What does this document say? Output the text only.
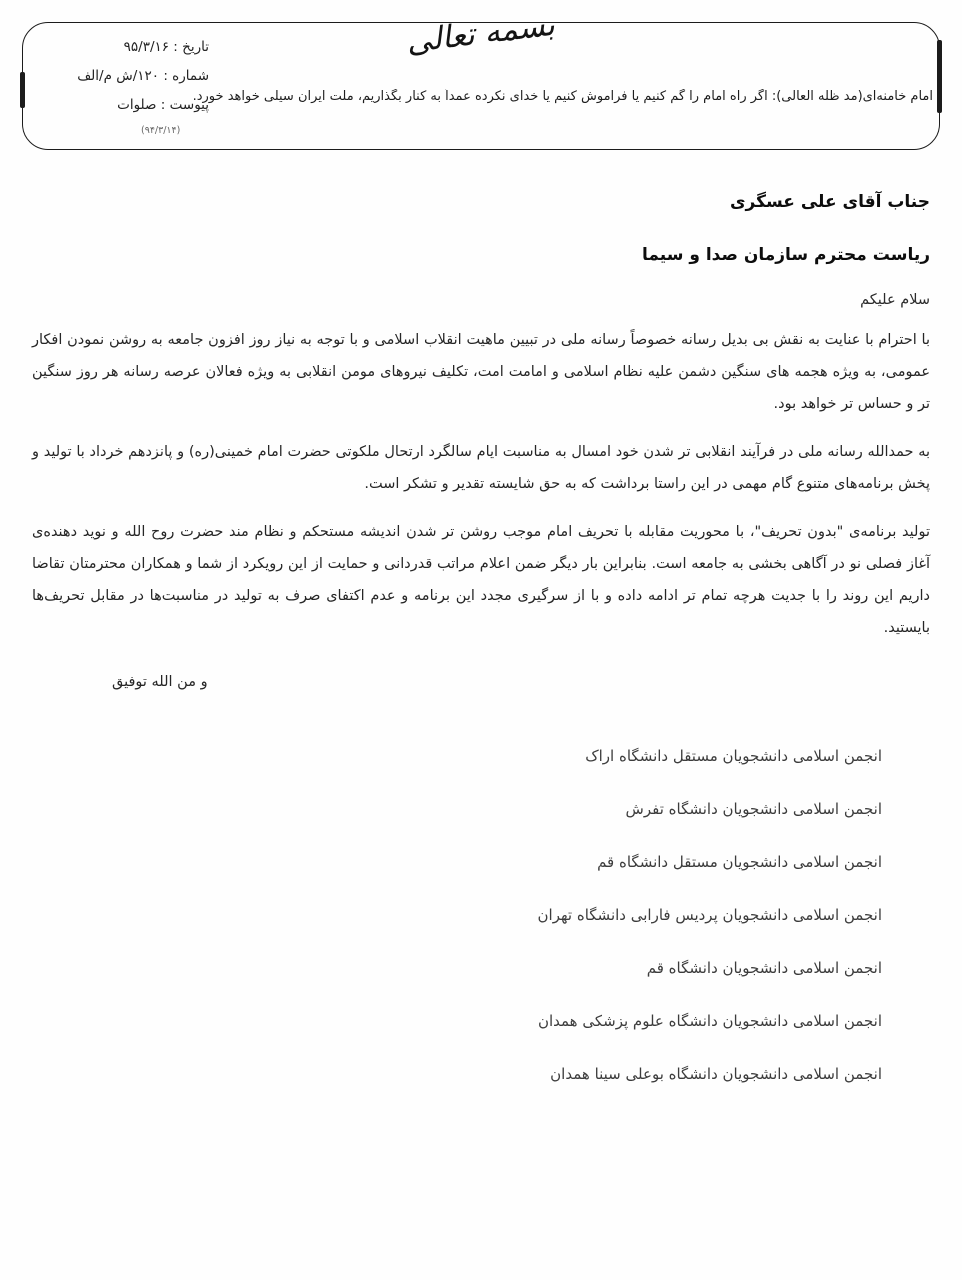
تاریخ : ۹۵/۳/۱۶
شماره : ۱۲۰/ش م/الف
پیوست : صلوات
بسمه تعالی
امام خامنه‌ای(مد ظله العالی): اگر راه امام را گم کنیم یا فراموش کنیم یا خدای نکرده عمداً به کنار بگذاریم، ملّت ایران سیلی خواهد خورد.
(۹۴/۳/۱۴)
جناب آقای علی عسگری
ریاست محترم سازمان صدا و سیما
سلام علیکم

با احترام با عنایت به نقش بی بدیل رسانه خصوصاً رسانه ملی در تبیین ماهیت انقلاب اسلامی و با توجه به نیاز روز افزون جامعه به روشن نمودن افکار عمومی، به ویژه هجمه های سنگین دشمن علیه نظام اسلامی و امامت امت، تکلیف نیروهای مومن انقلابی به ویژه فعالان عرصه رسانه هر روز سنگین تر و حساس تر خواهد بود.

به حمدالله رسانه ملی در فرآیند انقلابی تر شدن خود امسال به مناسبت ایام سالگرد ارتحال ملکوتی حضرت امام خمینی(ره) و پانزدهم خرداد با تولید و پخش برنامه‌های متنوع گام مهمی در این راستا برداشت که به حق شایسته تقدیر و تشکر است.

تولید برنامه‌ی "بدون تحریف"، با محوریت مقابله با تحریف امام موجب روشن تر شدن اندیشه مستحکم و نظام مند حضرت روح الله و نوید دهنده‌ی آغاز فصلی نو در آگاهی بخشی به جامعه است. بنابراین بار دیگر ضمن اعلام مراتب قدردانی و حمایت از این رویکرد از شما و همکاران محترمتان تقاضا داریم این روند را با جدیت هرچه تمام تر ادامه داده و با از سرگیری مجدد این برنامه و عدم اکتفای صرف به تولید در مناسبت‌ها در مقابل تحریف‌ها بایستید.

و من الله توفیق
انجمن اسلامی دانشجویان مستقل دانشگاه اراک
انجمن اسلامی دانشجویان دانشگاه تفرش
انجمن اسلامی دانشجویان مستقل دانشگاه قم
انجمن اسلامی دانشجویان پردیس فارابی دانشگاه تهران
انجمن اسلامی دانشجویان دانشگاه قم
انجمن اسلامی دانشجویان دانشگاه علوم پزشکی همدان
انجمن اسلامی دانشجویان دانشگاه بوعلی سینا همدان
